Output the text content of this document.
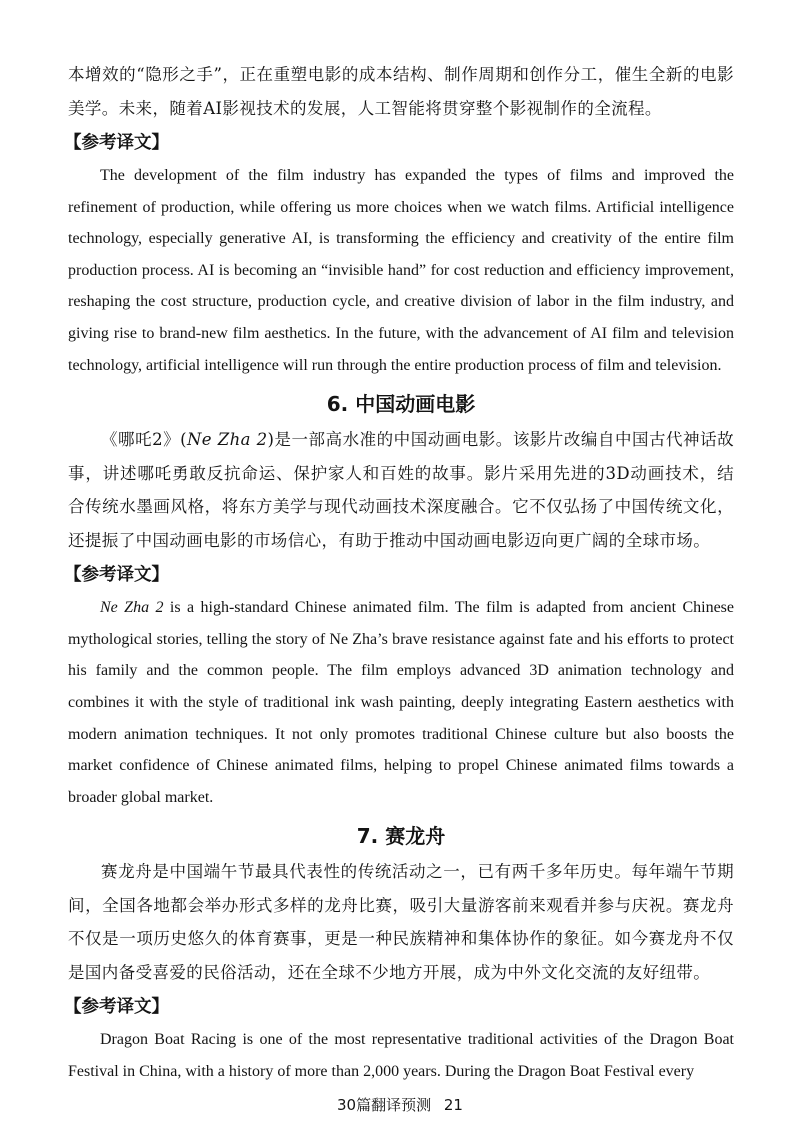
本增效的“隐形之手”，正在重塑电影的成本结构、制作周期和创作分工，催生全新的电影美学。未来，随着AI影视技术的发展，人工智能将贯穿整个影视制作的全流程。

【参考译文】

The development of the film industry has expanded the types of films and improved the refinement of production, while offering us more choices when we watch films. Artificial intelligence technology, especially generative AI, is transforming the efficiency and creativity of the entire film production process. AI is becoming an “invisible hand” for cost reduction and efficiency improvement, reshaping the cost structure, production cycle, and creative division of labor in the film industry, and giving rise to brand-new film aesthetics. In the future, with the advancement of AI film and television technology, artificial intelligence will run through the entire production process of film and television.

6. 中国动画电影

《哪吒2》(Ne Zha 2)是一部高水准的中国动画电影。该影片改编自中国古代神话故事，讲述哪吒勇敢反抗命运、保护家人和百姓的故事。影片采用先进的3D动画技术，结合传统水墨画风格，将东方美学与现代动画技术深度融合。它不仅弘扬了中国传统文化，还提振了中国动画电影的市场信心，有助于推动中国动画电影迈向更广阔的全球市场。

【参考译文】

Ne Zha 2 is a high-standard Chinese animated film. The film is adapted from ancient Chinese mythological stories, telling the story of Ne Zha’s brave resistance against fate and his efforts to protect his family and the common people. The film employs advanced 3D animation technology and combines it with the style of traditional ink wash painting, deeply integrating Eastern aesthetics with modern animation techniques. It not only promotes traditional Chinese culture but also boosts the market confidence of Chinese animated films, helping to propel Chinese animated films towards a broader global market.

7. 赛龙舟

赛龙舟是中国端午节最具代表性的传统活动之一，已有两千多年历史。每年端午节期间，全国各地都会举办形式多样的龙舟比赛，吸引大量游客前来观看并参与庆祝。赛龙舟不仅是一项历史悠久的体育赛事，更是一种民族精神和集体协作的象征。如今赛龙舟不仅是国内备受喜爱的民俗活动，还在全球不少地方开展，成为中外文化交流的友好纽带。

【参考译文】

Dragon Boat Racing is one of the most representative traditional activities of the Dragon Boat Festival in China, with a history of more than 2,000 years. During the Dragon Boat Festival every

30篇翻译预测 21
